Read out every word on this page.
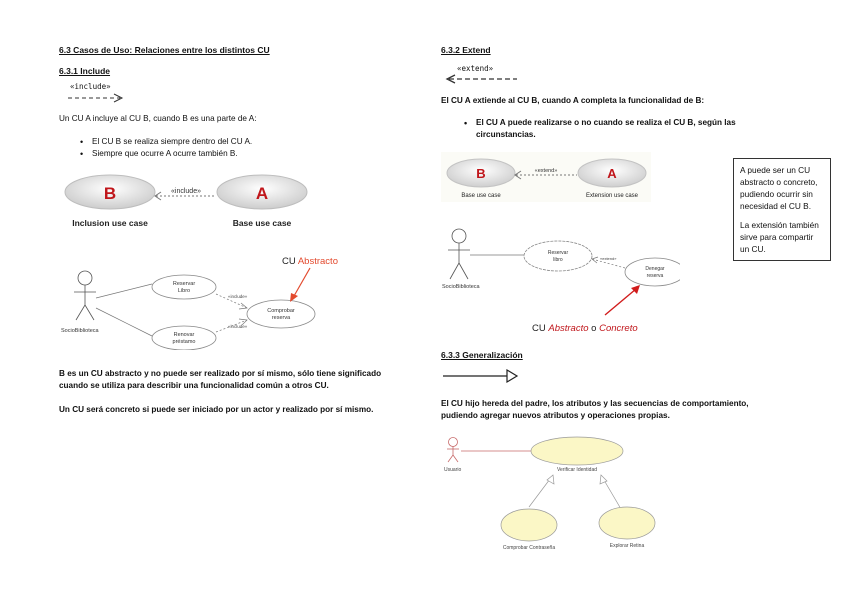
6.3 Casos de Uso: Relaciones entre los distintos CU
6.3.1 Include
«include»
Un CU A incluye al CU B, cuando B es una parte de A:
• El CU B se realiza siempre dentro del CU A.
• Siempre que ocurre A ocurre también B.
B	A
«include»
Inclusion use case	Base use case
SocioBiblioteca
Reservar
Libro
Renovar
préstamo
Comprobar
reserva
«include»
«include»
CU Abstracto
B es un CU abstracto y no puede ser realizado por sí mismo, sólo tiene significado cuando se utiliza para describir una funcionalidad común a otros CU.
Un CU será concreto si puede ser iniciado por un actor y realizado por sí mismo.
6.3.2 Extend
«extend»
El CU A extiende al CU B, cuando A completa la funcionalidad de B:
• El CU A puede realizarse o no cuando se realiza el CU B, según las circunstancias.
B	A
«extend»
Base use case	Extension use case
SocioBiblioteca
Reservar
libro
Denegar
reserva
«extend»
CU Abstracto o Concreto

A puede ser un CU abstracto o concreto, pudiendo ocurrir sin necesidad el CU B.

La extensión también sirve para compartir un CU.

6.3.3 Generalización
El CU hijo hereda del padre, los atributos y las secuencias de comportamiento, pudiendo agregar nuevos atributos y operaciones propias.
Usuario	Verificar Identidad
Comprobar Contraseña	Explorar Retina
